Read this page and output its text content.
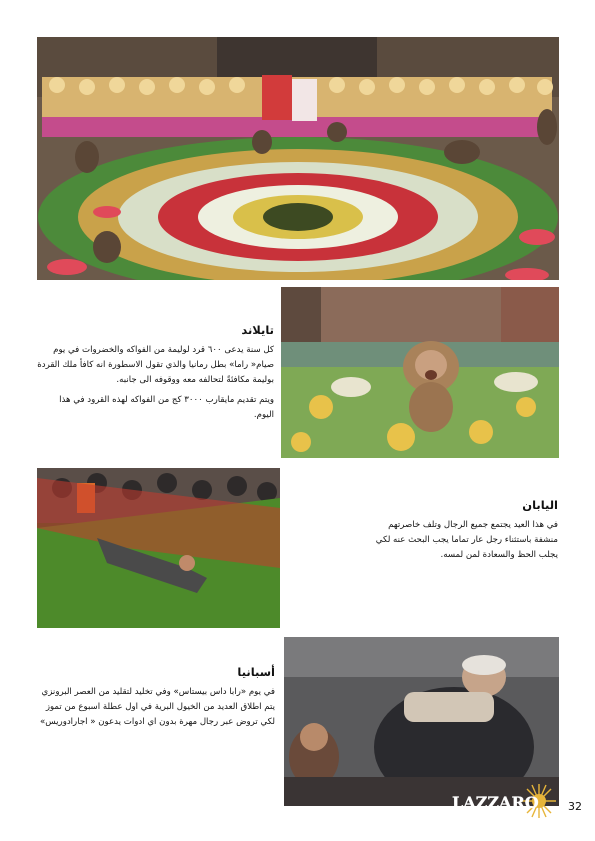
تايلاند

كل سنة يدعى ٦٠٠ قرد لوليمة من الفواكه والخضروات في يوم صيام« راما» بطل رمانيا والذي تقول الاسطورة انه كافأ ملك القردة بوليمة مكافئةً لتحالفه معه ووقوفه الى جانبه.

ويتم تقديم مايقارب ٣٠٠٠ كج من الفواكه لهذه القرود في هذا اليوم.

اليابان

في هذا العيد يجتمع جميع الرجال وتلف خاصرتهم منشفة باستثناء رجل عار تماما يجب البحث عنه لكي يجلب الحظ والسعادة لمن لمسه.

أسبانيا

في يوم «رابا داس بيستاس» وفي تخليد لتقليد من العصر البرونزي يتم اطلاق العديد من الخيول البرية في اول عطلة اسبوع من تموز لكي تروض عبر رجال مهرة بدون اي ادوات يدعون « اجارادوريس»

LAZZARO	32
